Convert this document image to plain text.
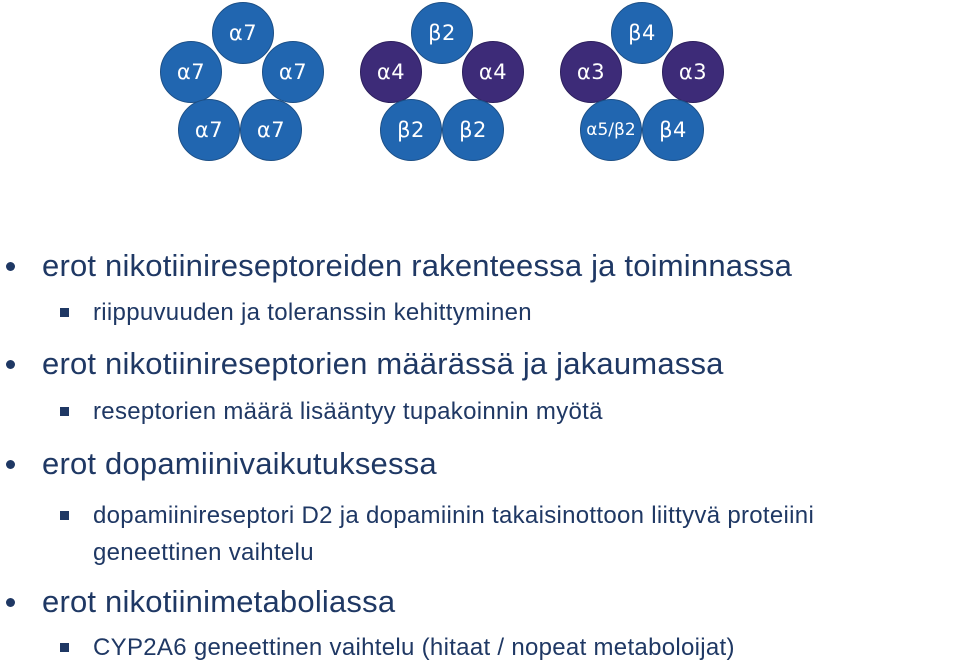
α7
α7	α7
α7	α7
β2
α4	α4
β2	β2
β4
α3	α3
α5/β2	β4
erot nikotiinireseptoreiden rakenteessa ja toiminnassa
riippuvuuden ja toleranssin kehittyminen
erot nikotiinireseptorien määrässä ja jakaumassa
reseptorien määrä lisääntyy tupakoinnin myötä
erot dopamiinivaikutuksessa
dopamiinireseptori D2 ja dopamiinin takaisinottoon liittyvä proteiini
geneettinen vaihtelu
erot nikotiinimetaboliassa
CYP2A6 geneettinen vaihtelu (hitaat / nopeat metaboloijat)
